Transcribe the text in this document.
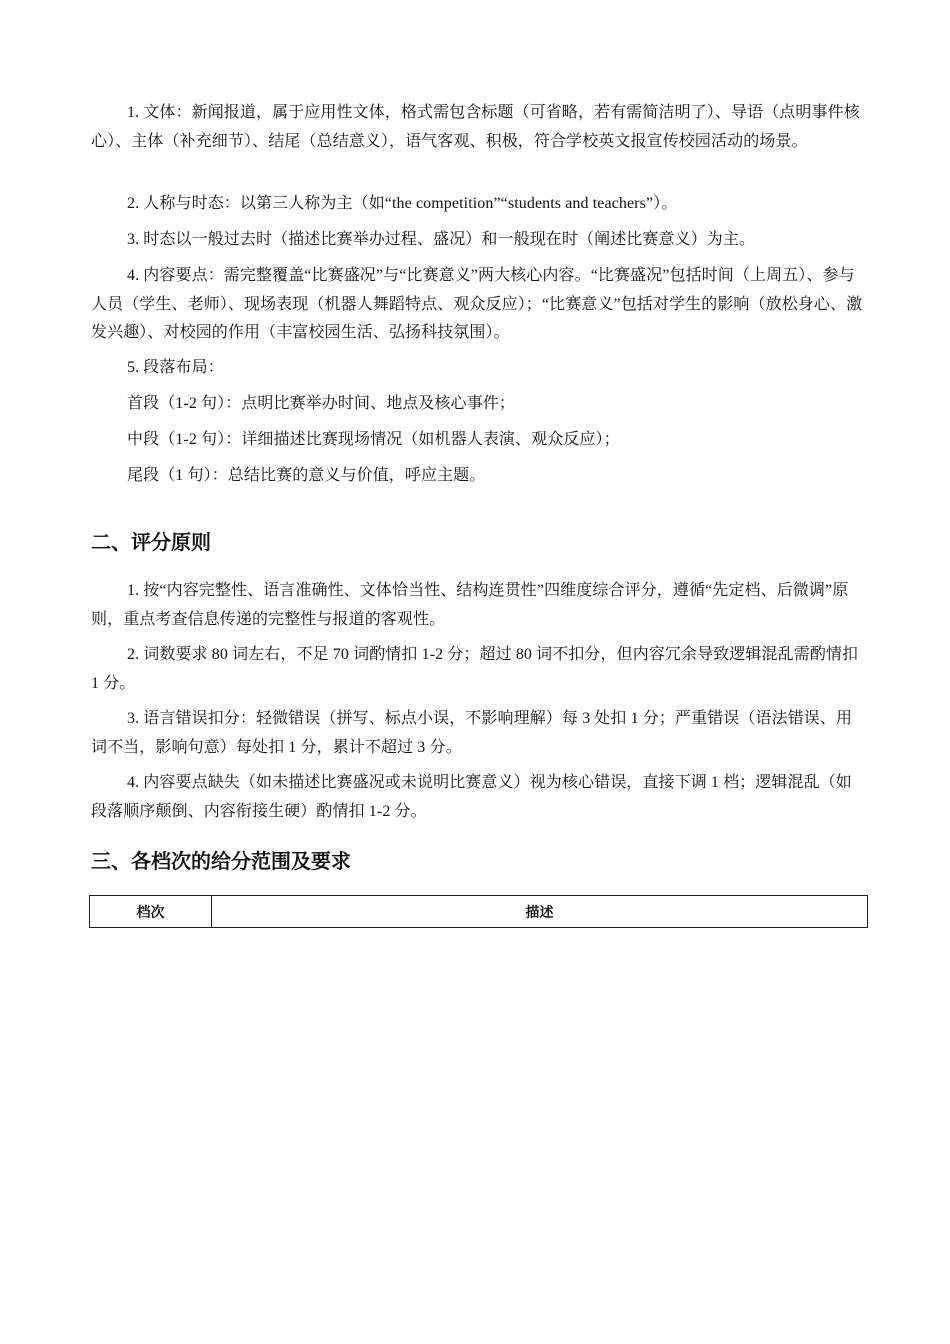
1. 文体：新闻报道，属于应用性文体，格式需包含标题（可省略，若有需简洁明了）、导语（点明事件核心）、主体（补充细节）、结尾（总结意义），语气客观、积极，符合学校英文报宣传校园活动的场景。

2. 人称与时态：以第三人称为主（如“the competition”“students and teachers”）。

3. 时态以一般过去时（描述比赛举办过程、盛况）和一般现在时（阐述比赛意义）为主。

4. 内容要点：需完整覆盖“比赛盛况”与“比赛意义”两大核心内容。“比赛盛况”包括时间（上周五）、参与人员（学生、老师）、现场表现（机器人舞蹈特点、观众反应）；“比赛意义”包括对学生的影响（放松身心、激发兴趣）、对校园的作用（丰富校园生活、弘扬科技氛围）。

5. 段落布局：

首段（1-2 句）：点明比赛举办时间、地点及核心事件；

中段（1-2 句）：详细描述比赛现场情况（如机器人表演、观众反应）；

尾段（1 句）：总结比赛的意义与价值，呼应主题。

二、评分原则

1. 按“内容完整性、语言准确性、文体恰当性、结构连贯性”四维度综合评分，遵循“先定档、后微调”原则，重点考查信息传递的完整性与报道的客观性。

2. 词数要求 80 词左右，不足 70 词酌情扣 1-2 分；超过 80 词不扣分，但内容冗余导致逻辑混乱需酌情扣 1 分。

3. 语言错误扣分：轻微错误（拼写、标点小误，不影响理解）每 3 处扣 1 分；严重错误（语法错误、用词不当，影响句意）每处扣 1 分，累计不超过 3 分。

4. 内容要点缺失（如未描述比赛盛况或未说明比赛意义）视为核心错误，直接下调 1 档；逻辑混乱（如段落顺序颠倒、内容衔接生硬）酌情扣 1-2 分。

三、各档次的给分范围及要求
档次	描述
